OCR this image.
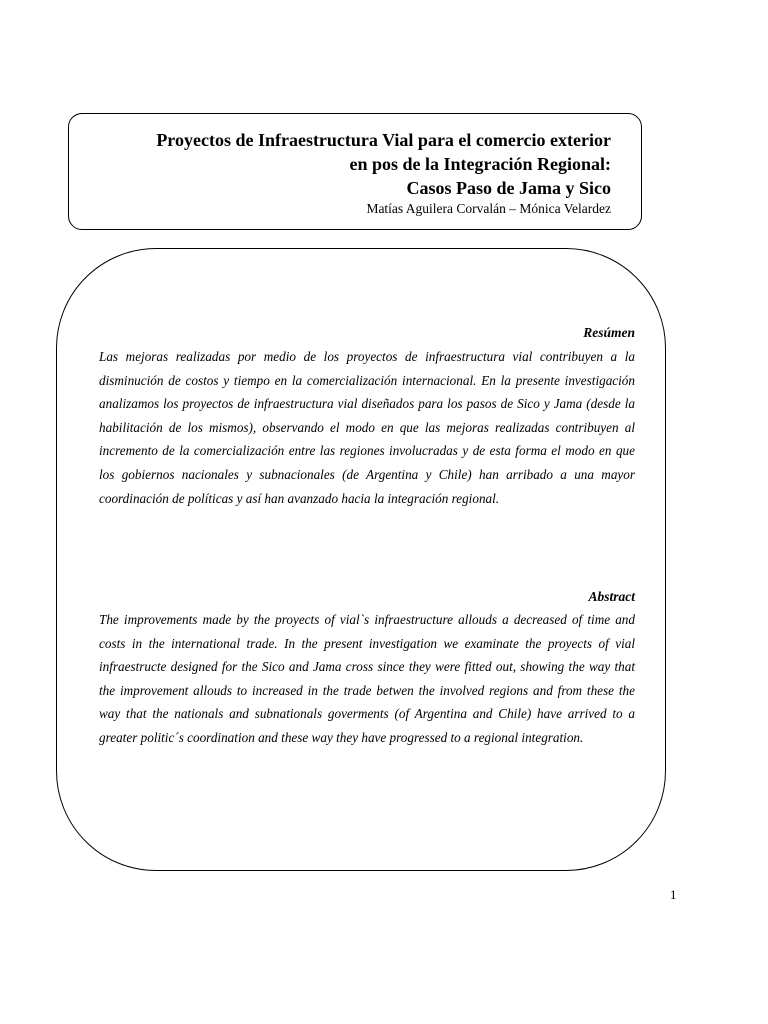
Proyectos de Infraestructura Vial para el comercio exterior

en pos de la Integración Regional:

Casos Paso de Jama y Sico

Matías Aguilera Corvalán – Mónica Velardez

Resúmen

Las mejoras realizadas por medio de los proyectos de infraestructura vial contribuyen a la disminución de costos y tiempo en la comercialización internacional. En la presente investigación analizamos los proyectos de infraestructura vial diseñados para los pasos de Sico y Jama (desde la habilitación de los mismos), observando el modo en que las mejoras realizadas contribuyen al incremento de la comercialización entre las regiones involucradas y de esta forma el modo en que los gobiernos nacionales y subnacionales (de Argentina y Chile) han arribado a una mayor coordinación de políticas y así han avanzado hacia la integración regional.

Abstract

The improvements made by the proyects of vial`s infraestructure allouds a decreased of time and costs in the international trade. In the present investigation we examinate the proyects of vial infraestructe designed for the Sico and Jama cross since they were fitted out, showing the way that the improvement allouds to increased in the trade betwen the involved regions and from these the way that the nationals and subnationals goverments (of Argentina and Chile) have arrived to a greater politic´s coordination and these way they have progressed to a regional integration.

1
